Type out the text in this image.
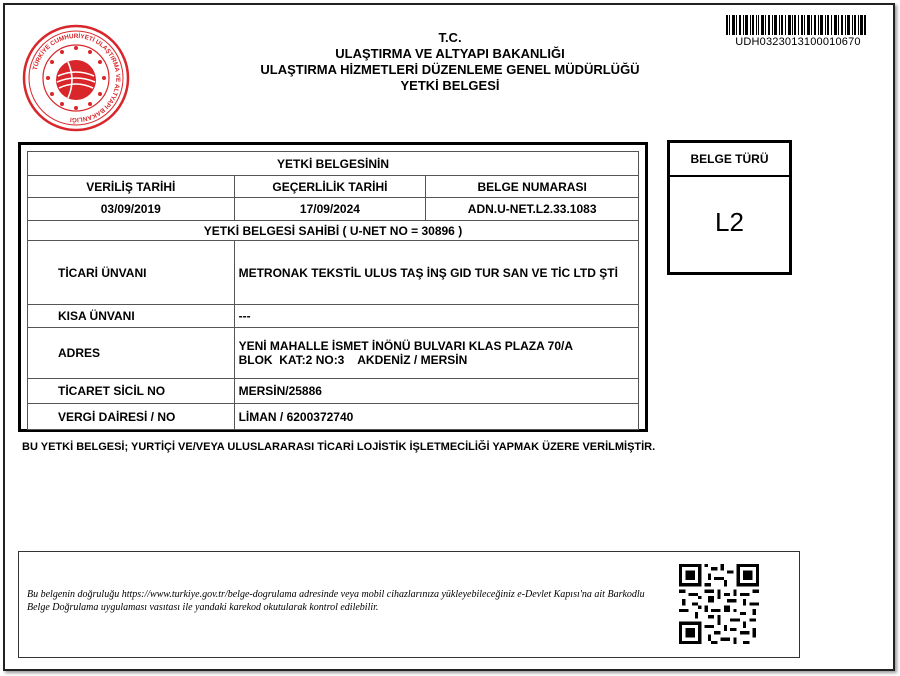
TÜRKİYE CUMHURİYETİ ULAŞTIRMA VE ALTYAPI BAKANLIĞI
UDH0323013100010670
T.C.
ULAŞTIRMA VE ALTYAPI BAKANLIĞI
ULAŞTIRMA HİZMETLERİ DÜZENLEME GENEL MÜDÜRLÜĞÜ
YETKİ BELGESİ
YETKİ BELGESİNİN		
VERİLİŞ TARİHİ	GEÇERLİLİK TARİHİ	BELGE NUMARASI
03/09/2019	17/09/2024	ADN.U-NET.L2.33.1083
YETKİ BELGESİ SAHİBİ ( U-NET NO = 30896 )		
TİCARİ ÜNVANI	METRONAK TEKSTİL ULUS TAŞ İNŞ GID TUR SAN VE TİC LTD ŞTİ	
KISA ÜNVANI	---	
ADRES	YENİ MAHALLE İSMET İNÖNÜ BULVARI KLAS PLAZA 70/A
BLOK  KAT:2 NO:3    AKDENİZ / MERSİN	

TİCARET SİCİL NO	MERSİN/25886	
VERGİ DAİRESİ / NO	LİMAN / 6200372740	
BELGE TÜRÜ
L2
BU YETKİ BELGESİ; YURTİÇİ VE/VEYA ULUSLARARASI TİCARİ LOJİSTİK İŞLETMECİLİĞİ YAPMAK ÜZERE VERİLMİŞTİR.
Bu belgenin doğruluğu https://www.turkiye.gov.tr/belge-dogrulama adresinde veya mobil cihazlarınıza yükleyebileceğiniz e-Devlet Kapısı'na ait Barkodlu Belge Doğrulama uygulaması vasıtası ile yandaki karekod okutularak kontrol edilebilir.
